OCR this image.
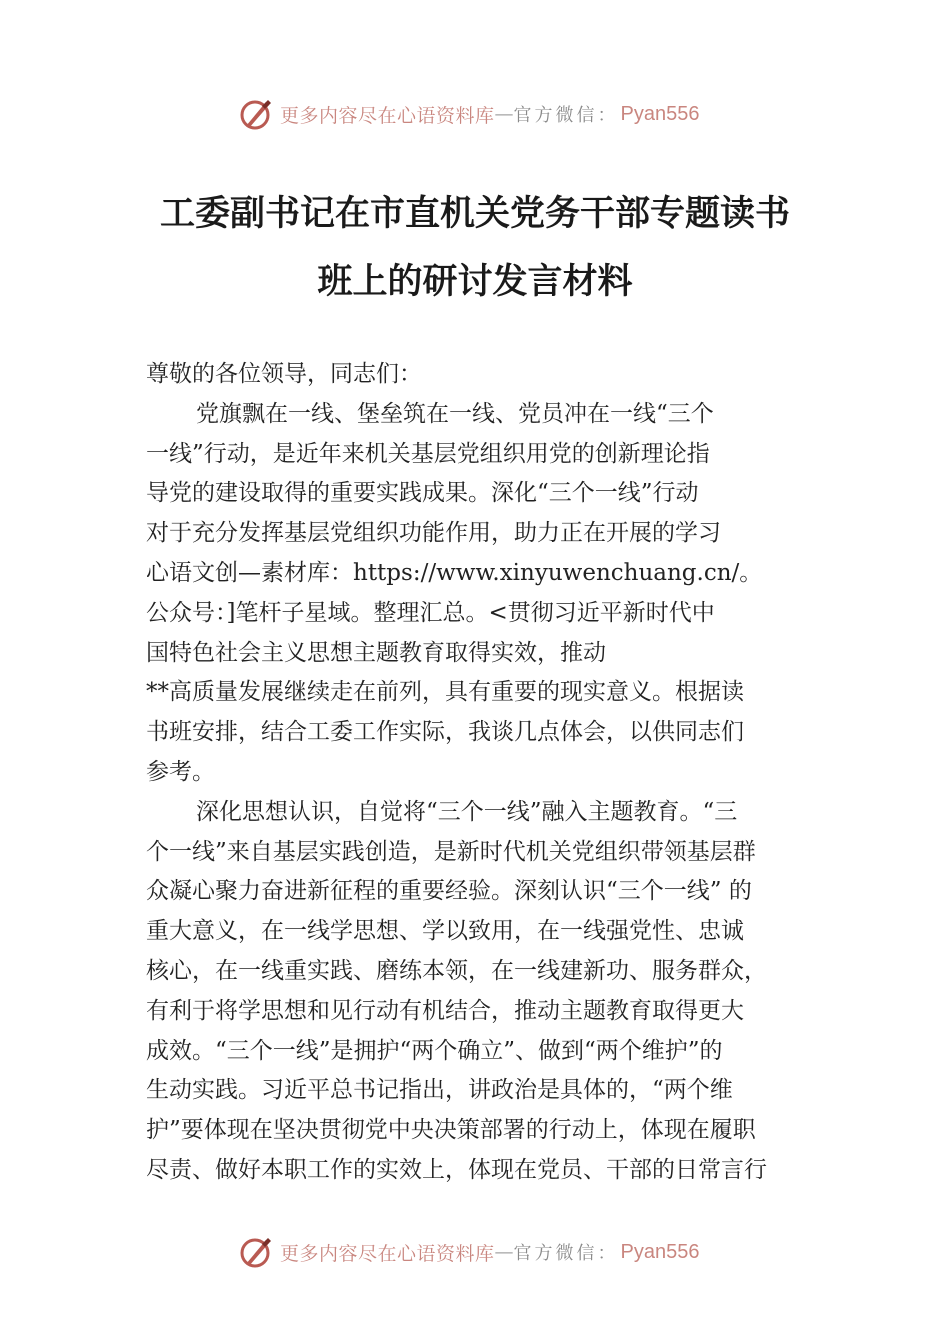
更多内容尽在心语资料库 — 官方微信： Pyan556
工委副书记在市直机关党务干部专题读书
班上的研讨发言材料
尊敬的各位领导，同志们：
党旗飘在一线、堡垒筑在一线、党员冲在一线“三个
一线”行动，是近年来机关基层党组织用党的创新理论指
导党的建设取得的重要实践成果。深化“三个一线”行动
对于充分发挥基层党组织功能作用，助力正在开展的学习
心语文创—素材库：https://www.xinyuwenchuang.cn/。
公众号：]笔杆子星域。整理汇总。<贯彻习近平新时代中
国特色社会主义思想主题教育取得实效，推动
**高质量发展继续走在前列，具有重要的现实意义。根据读
书班安排，结合工委工作实际，我谈几点体会，以供同志们
参考。
深化思想认识，自觉将“三个一线”融入主题教育。“三
个一线”来自基层实践创造，是新时代机关党组织带领基层群
众凝心聚力奋进新征程的重要经验。深刻认识“三个一线” 的
重大意义，在一线学思想、学以致用，在一线强党性、忠诚
核心，在一线重实践、磨练本领，在一线建新功、服务群众，
有利于将学思想和见行动有机结合，推动主题教育取得更大
成效。“三个一线”是拥护“两个确立”、做到“两个维护”的
生动实践。习近平总书记指出，讲政治是具体的，“两个维
护”要体现在坚决贯彻党中央决策部署的行动上，体现在履职
尽责、做好本职工作的实效上，体现在党员、干部的日常言行
更多内容尽在心语资料库 — 官方微信： Pyan556
